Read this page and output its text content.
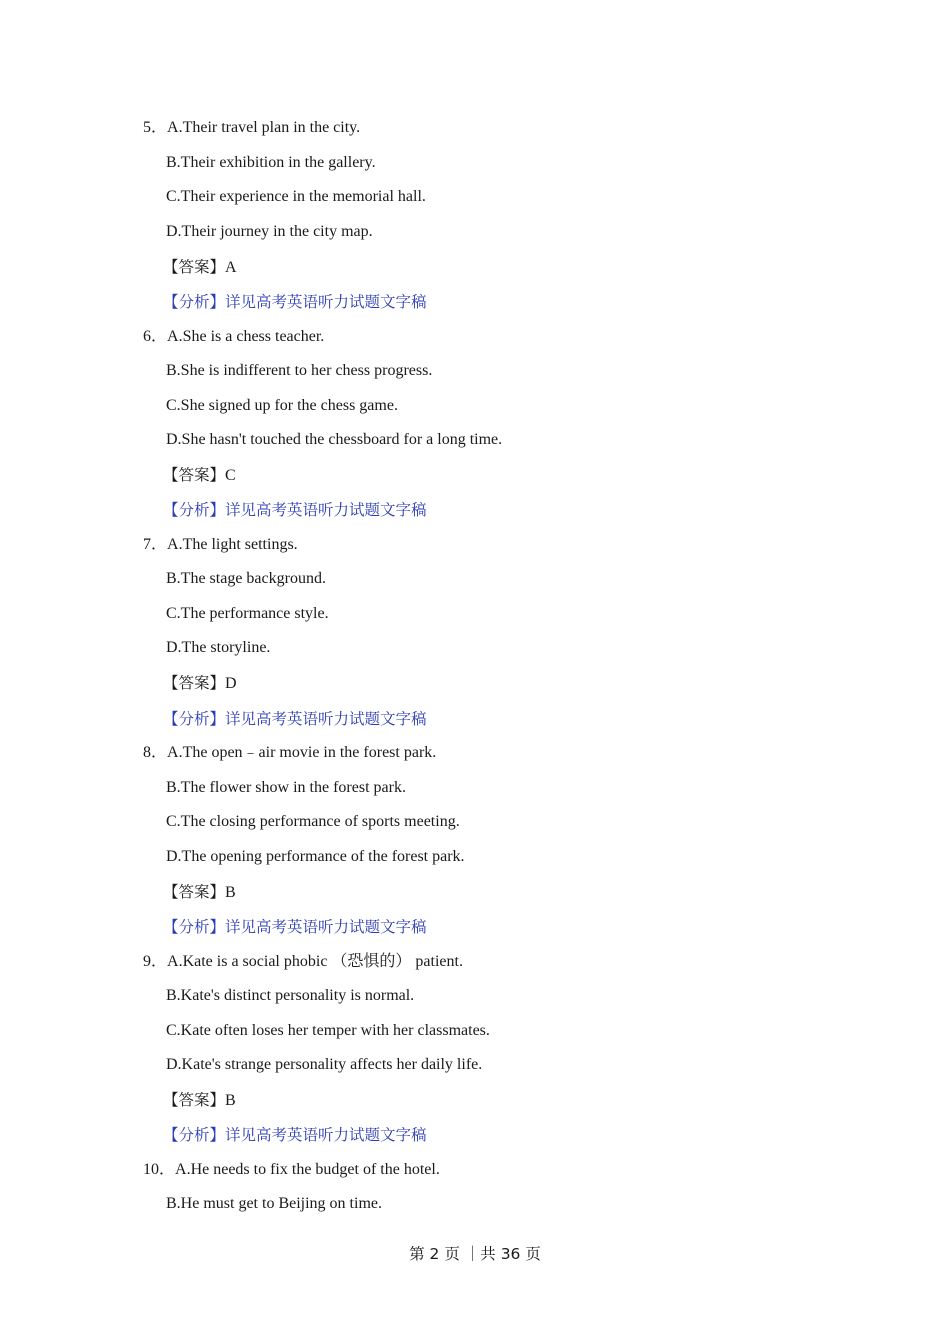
5．A.Their travel plan in the city.
B.Their exhibition in the gallery.
C.Their experience in the memorial hall.
D.Their journey in the city map.
【答案】A
【分析】详见高考英语听力试题文字稿
6．A.She is a chess teacher.
B.She is indifferent to her chess progress.
C.She signed up for the chess game.
D.She hasn't touched the chessboard for a long time.
【答案】C
【分析】详见高考英语听力试题文字稿
7．A.The light settings.
B.The stage background.
C.The performance style.
D.The storyline.
【答案】D
【分析】详见高考英语听力试题文字稿
8．A.The open﹣air movie in the forest park.
B.The flower show in the forest park.
C.The closing performance of sports meeting.
D.The opening performance of the forest park.
【答案】B
【分析】详见高考英语听力试题文字稿
9．A.Kate is a social phobic （恐惧的） patient.
B.Kate's distinct personality is normal.
C.Kate often loses her temper with her classmates.
D.Kate's strange personality affects her daily life.
【答案】B
【分析】详见高考英语听力试题文字稿
10．A.He needs to fix the budget of the hotel.
B.He must get to Beijing on time.
第 2 页 ｜共 36 页
